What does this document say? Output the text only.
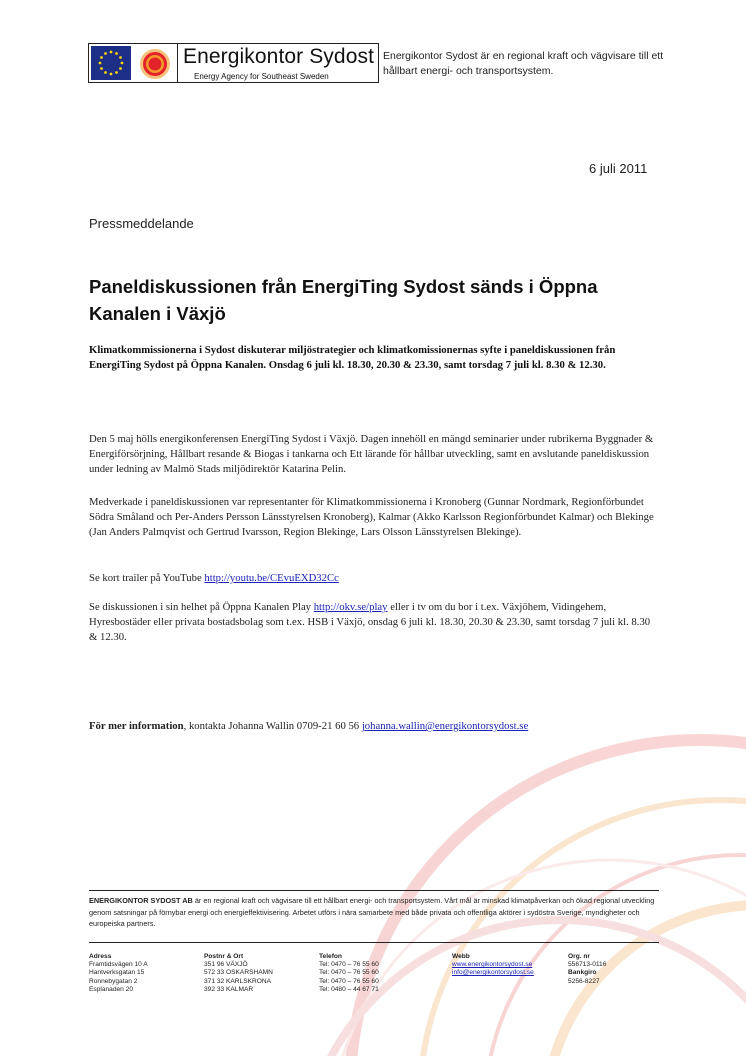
Energikontor Sydost
Energy Agency for Southeast Sweden
Energikontor Sydost är en regional kraft och vägvisare till ett hållbart energi- och transportsystem.
6 juli 2011
Pressmeddelande
Paneldiskussionen från EnergiTing Sydost sänds i Öppna Kanalen i Växjö
Klimatkommissionerna i Sydost diskuterar miljöstrategier och klimatkomissionernas syfte i paneldiskussionen från EnergiTing Sydost på Öppna Kanalen. Onsdag 6 juli kl. 18.30, 20.30 & 23.30, samt torsdag 7 juli kl. 8.30 & 12.30.
Den 5 maj hölls energikonferensen EnergiTing Sydost i Växjö. Dagen innehöll en mängd seminarier under rubrikerna Byggnader & Energiförsörjning, Hållbart resande & Biogas i tankarna och Ett lärande för hållbar utveckling, samt en avslutande paneldiskussion under ledning av Malmö Stads miljödirektör Katarina Pelin.
Medverkade i paneldiskussionen var representanter för Klimatkommissionerna i Kronoberg (Gunnar Nordmark, Regionförbundet Södra Småland och Per-Anders Persson Länsstyrelsen Kronoberg), Kalmar (Akko Karlsson Regionförbundet Kalmar) och Blekinge (Jan Anders Palmqvist och Gertrud Ivarsson, Region Blekinge, Lars Olsson Länsstyrelsen Blekinge).
Se kort trailer på YouTube http://youtu.be/CEvuEXD32Cc
Se diskussionen i sin helhet på Öppna Kanalen Play http://okv.se/play eller i tv om du bor i t.ex. Växjöhem, Vidingehem, Hyresbostäder eller privata bostadsbolag som t.ex. HSB i Växjö, onsdag 6 juli kl. 18.30, 20.30 & 23.30, samt torsdag 7 juli kl. 8.30 & 12.30.
För mer information, kontakta Johanna Wallin 0709-21 60 56 johanna.wallin@energikontorsydost.se
ENERGIKONTOR SYDOST AB är en regional kraft och vägvisare till ett hållbart energi- och transportsystem. Vårt mål är minskad klimatpåverkan och ökad regional utveckling genom satsningar på förnybar energi och energieffektivisering. Arbetet utförs i nära samarbete med både privata och offentliga aktörer i sydöstra Sverige, myndigheter och europeiska partners.
Adress
Framtidsvägen 10 A
Hantverksgatan 15
Ronnebygatan 2
Esplanaden 20
Postnr & Ort
351 96 VÄXJÖ
572 33 OSKARSHAMN
371 32 KARLSKRONA
392 33 KALMAR
Telefon
Tel: 0470 – 76 55 60
Tel: 0470 – 76 55 60
Tel: 0470 – 76 55 60
Tel: 0480 – 44 67 71
Webb
www.energikontorsydost.se
info@energikontorsydost.se
Org. nr
556713-0116
Bankgiro
5256-8227
